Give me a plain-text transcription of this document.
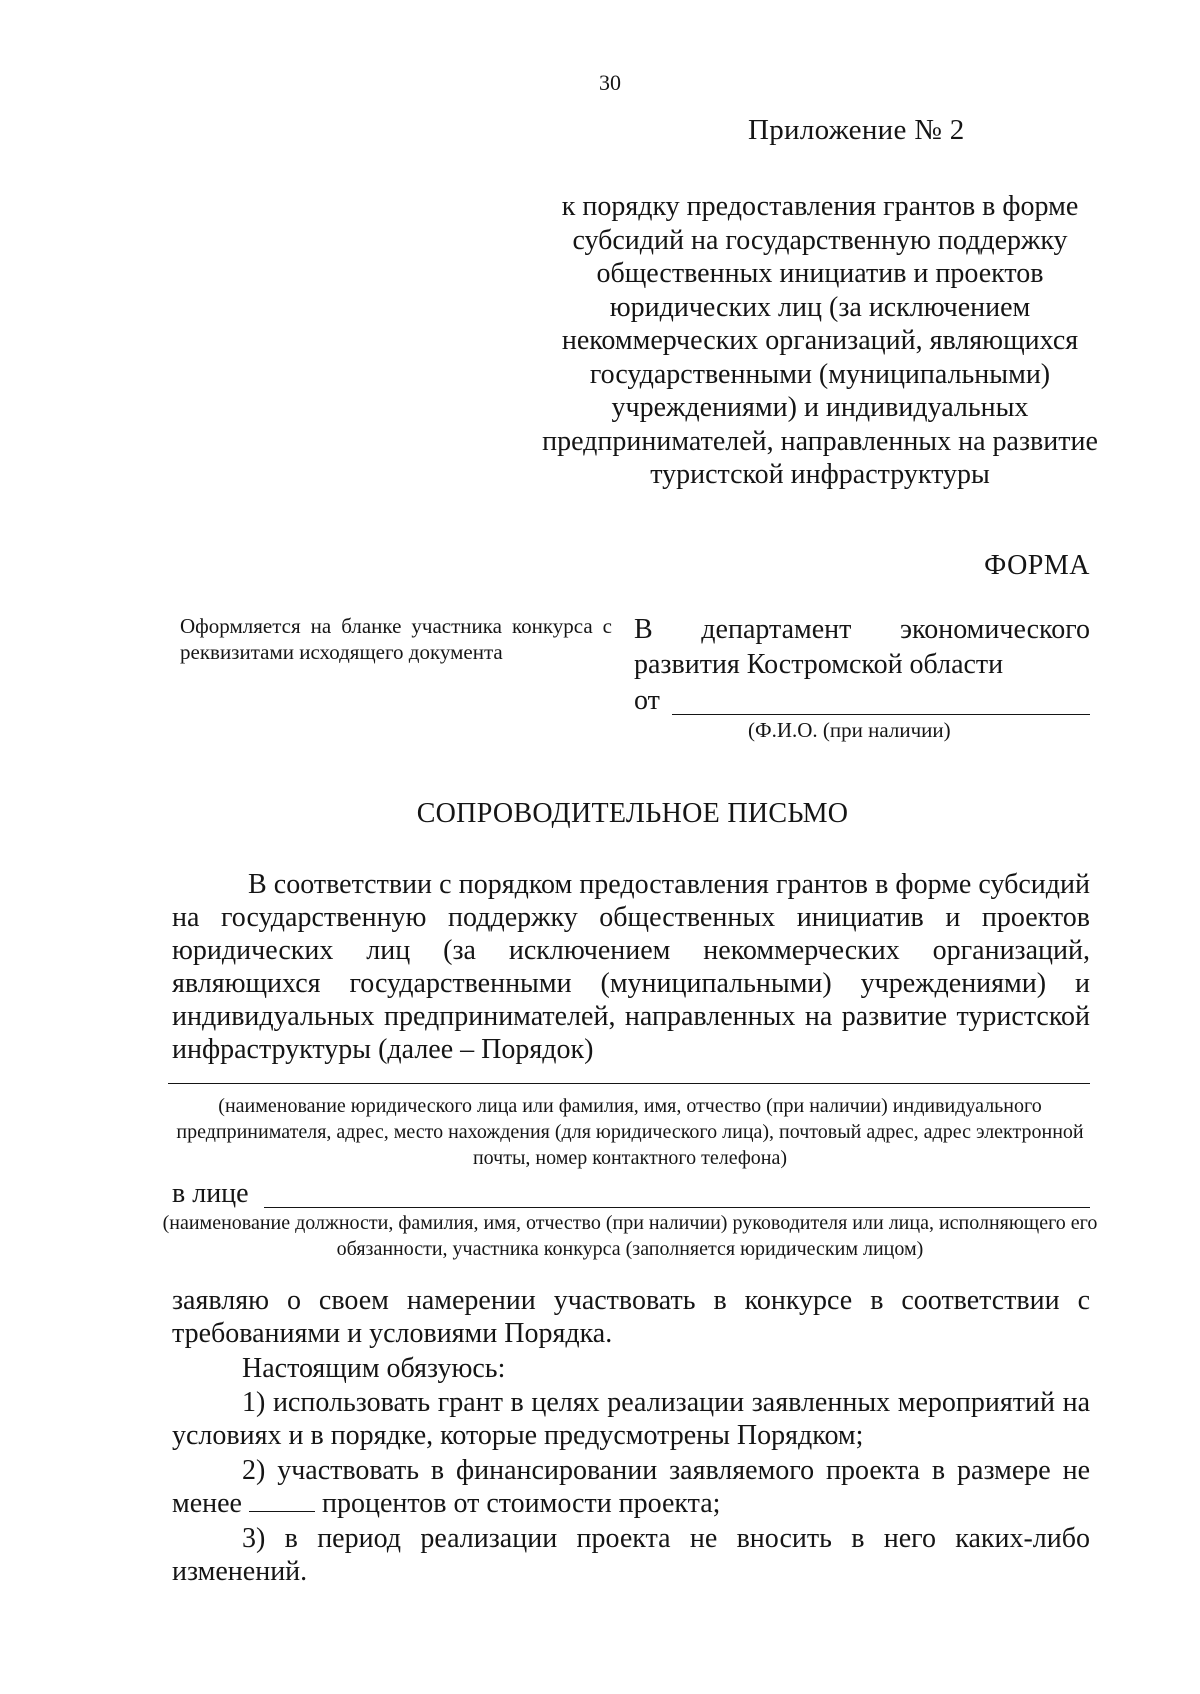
30
Приложение № 2
к порядку предоставления грантов в форме субсидий на государственную поддержку общественных инициатив и проектов юридических лиц (за исключением некоммерческих организаций, являющихся государственными (муниципальными) учреждениями) и индивидуальных предпринимателей, направленных на развитие туристской инфраструктуры
ФОРМА
Оформляется на бланке участника конкурса с реквизитами исходящего документа
В департамент экономического
развития Костромской области
от
(Ф.И.О. (при наличии)
СОПРОВОДИТЕЛЬНОЕ ПИСЬМО
В соответствии с порядком предоставления грантов в форме субсидий на государственную поддержку общественных инициатив и проектов юридических лиц (за исключением некоммерческих организаций, являющихся государственными (муниципальными) учреждениями) и индивидуальных предпринимателей, направленных на развитие туристской инфраструктуры (далее – Порядок)
(наименование юридического лица или фамилия, имя, отчество (при наличии) индивидуального предпринимателя, адрес, место нахождения (для юридического лица), почтовый адрес, адрес электронной почты, номер контактного телефона)
в лице
(наименование должности, фамилия, имя, отчество (при наличии) руководителя или лица, исполняющего его обязанности, участника конкурса (заполняется юридическим лицом)
заявляю о своем намерении участвовать в конкурсе в соответствии с требованиями и условиями Порядка.
Настоящим обязуюсь:
1) использовать грант в целях реализации заявленных мероприятий на условиях и в порядке, которые предусмотрены Порядком;
2) участвовать в финансировании заявляемого проекта в размере не менее	процентов от стоимости проекта;
3) в период реализации проекта не вносить в него каких-либо изменений.
